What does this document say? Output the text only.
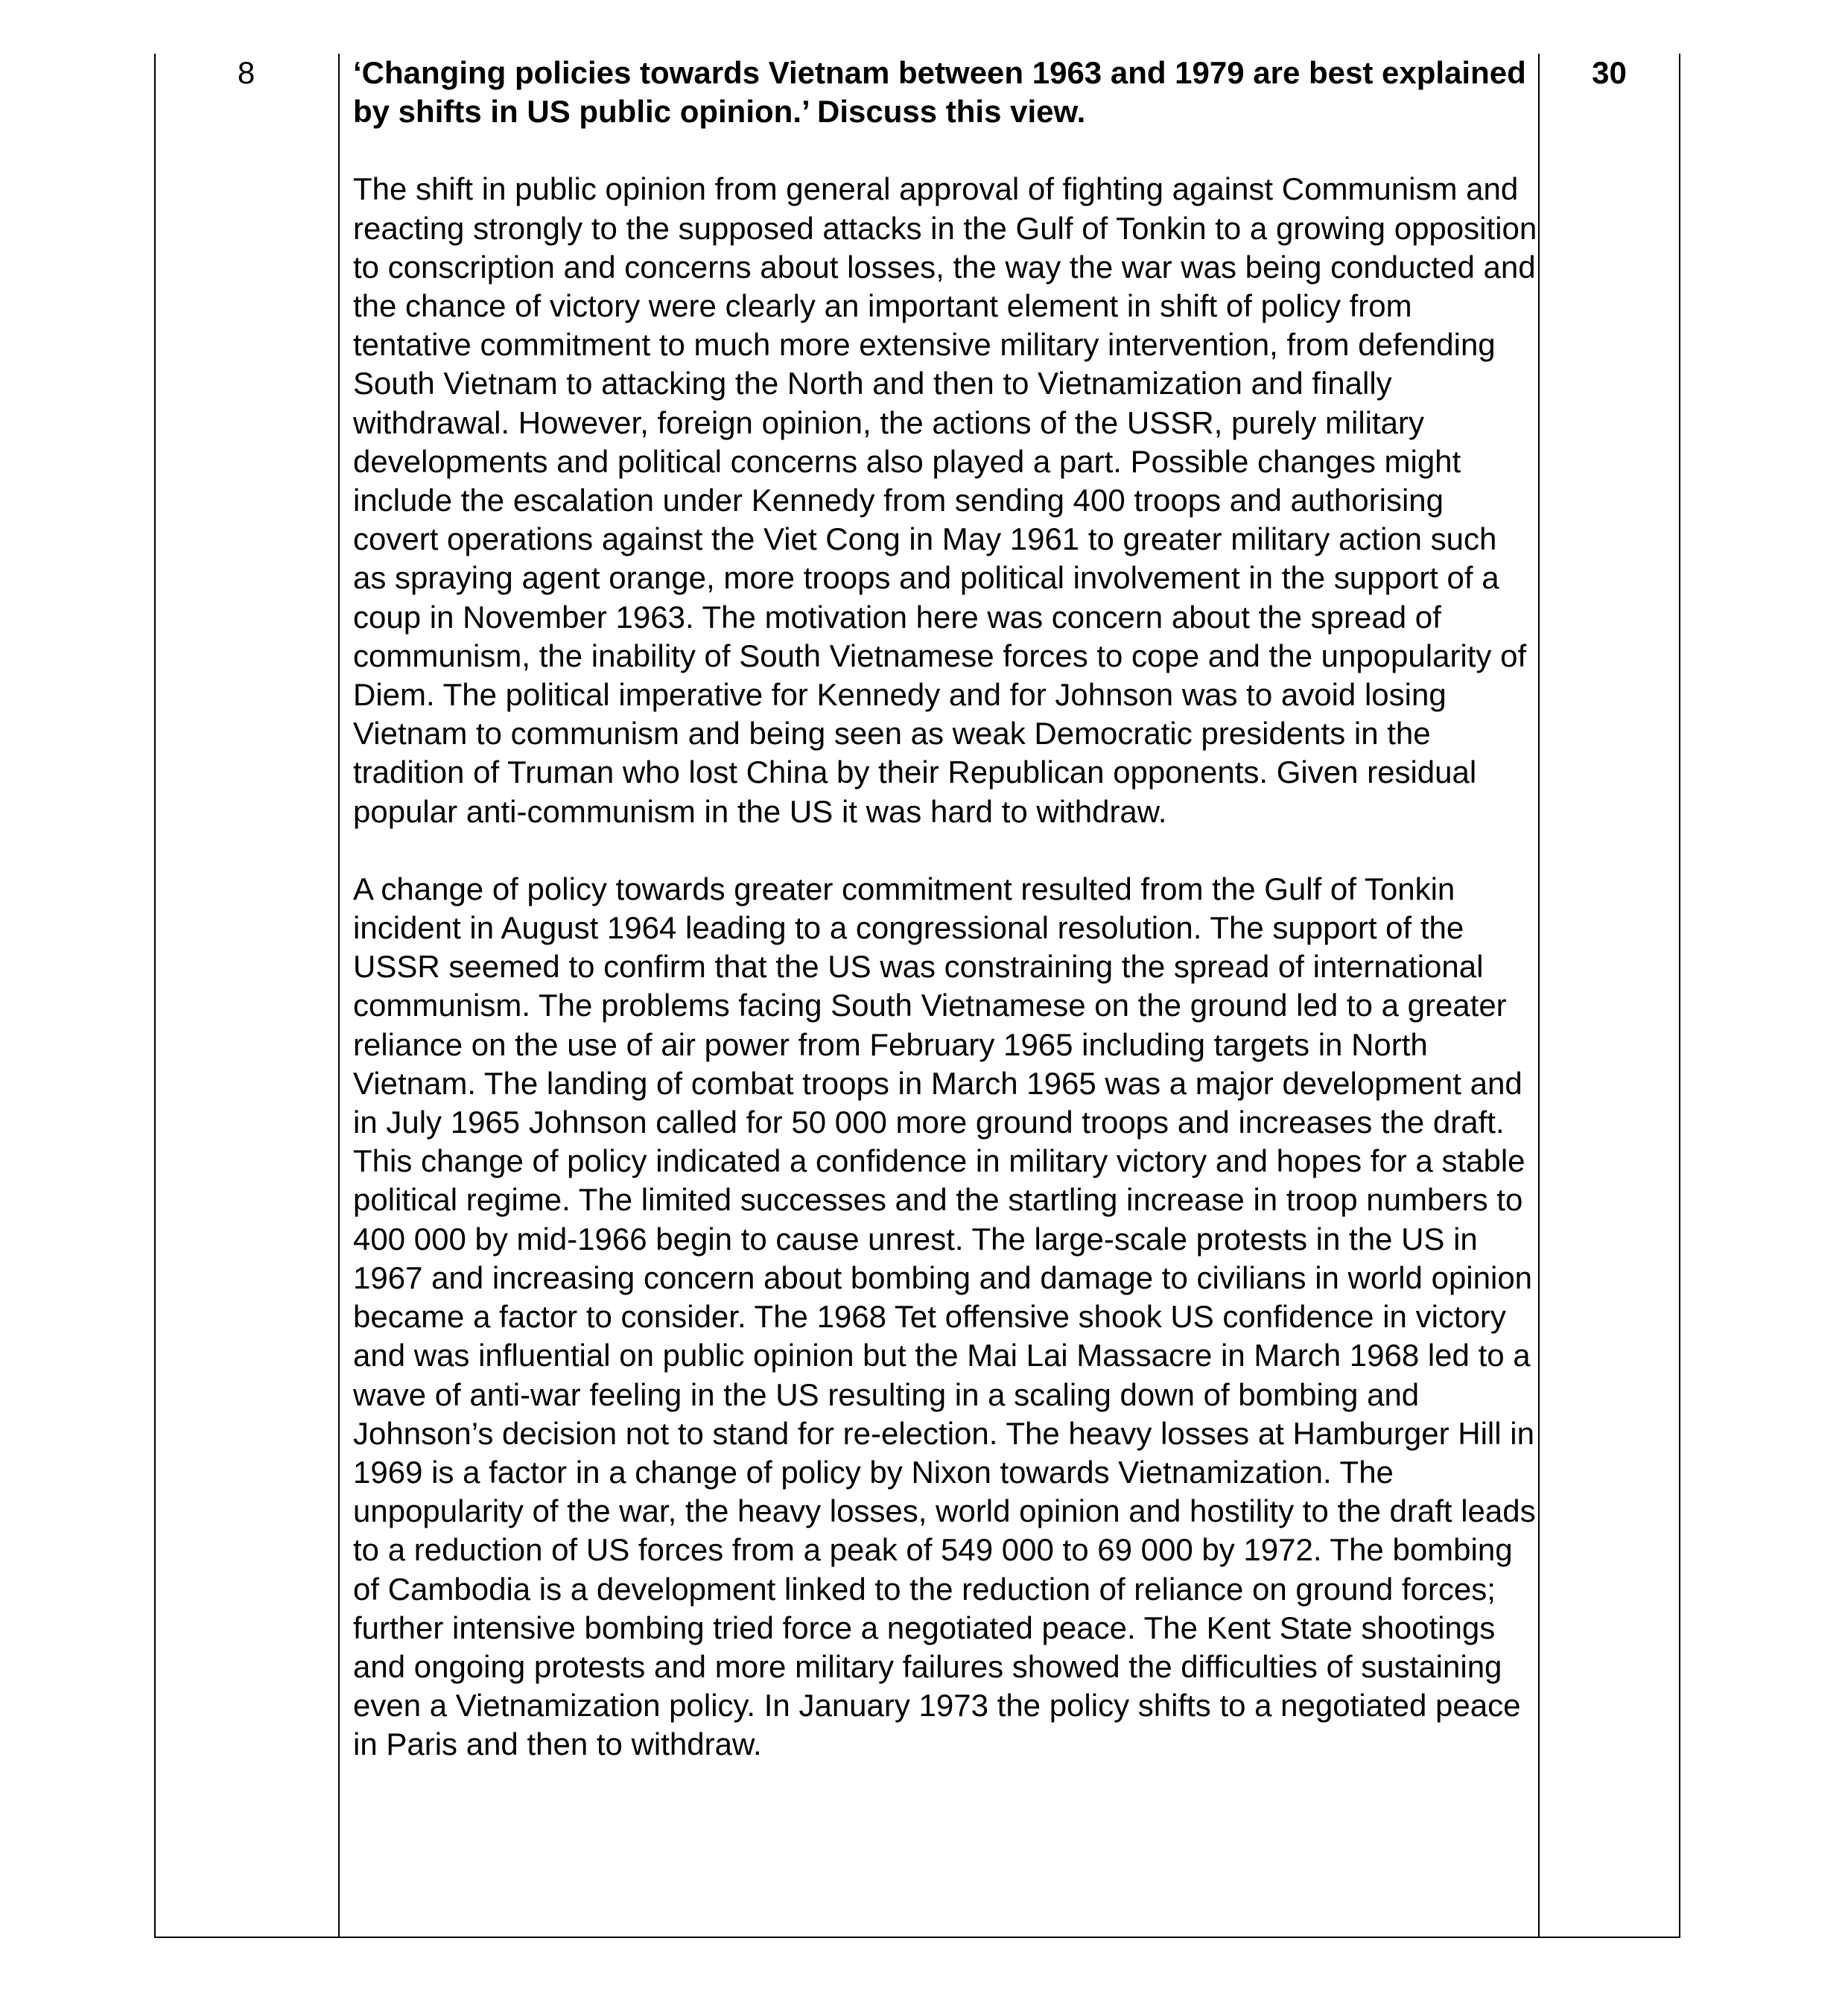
8	‘Changing policies towards Vietnam between 1963 and 1979 are best explained by shifts in US public opinion.’ Discuss this view.

The shift in public opinion from general approval of fighting against Communism and reacting strongly to the supposed attacks in the Gulf of Tonkin to a growing opposition to conscription and concerns about losses, the way the war was being conducted and the chance of victory were clearly an important element in shift of policy from tentative commitment to much more extensive military intervention, from defending South Vietnam to attacking the North and then to Vietnamization and finally withdrawal. However, foreign opinion, the actions of the USSR, purely military developments and political concerns also played a part. Possible changes might include the escalation under Kennedy from sending 400 troops and authorising covert operations against the Viet Cong in May 1961 to greater military action such as spraying agent orange, more troops and political involvement in the support of a coup in November 1963. The motivation here was concern about the spread of communism, the inability of South Vietnamese forces to cope and the unpopularity of Diem. The political imperative for Kennedy and for Johnson was to avoid losing Vietnam to communism and being seen as weak Democratic presidents in the tradition of Truman who lost China by their Republican opponents. Given residual popular anti-communism in the US it was hard to withdraw.

A change of policy towards greater commitment resulted from the Gulf of Tonkin incident in August 1964 leading to a congressional resolution. The support of the USSR seemed to confirm that the US was constraining the spread of international communism. The problems facing South Vietnamese on the ground led to a greater reliance on the use of air power from February 1965 including targets in North Vietnam. The landing of combat troops in March 1965 was a major development and in July 1965 Johnson called for 50 000 more ground troops and increases the draft. This change of policy indicated a confidence in military victory and hopes for a stable political regime. The limited successes and the startling increase in troop numbers to 400 000 by mid-1966 begin to cause unrest. The large-scale protests in the US in 1967 and increasing concern about bombing and damage to civilians in world opinion became a factor to consider. The 1968 Tet offensive shook US confidence in victory and was influential on public opinion but the Mai Lai Massacre in March 1968 led to a wave of anti-war feeling in the US resulting in a scaling down of bombing and Johnson’s decision not to stand for re-election. The heavy losses at Hamburger Hill in 1969 is a factor in a change of policy by Nixon towards Vietnamization. The unpopularity of the war, the heavy losses, world opinion and hostility to the draft leads to a reduction of US forces from a peak of 549 000 to 69 000 by 1972. The bombing of Cambodia is a development linked to the reduction of reliance on ground forces; further intensive bombing tried force a negotiated peace. The Kent State shootings and ongoing protests and more military failures showed the difficulties of sustaining even a Vietnamization policy. In January 1973 the policy shifts to a negotiated peace in Paris and then to withdraw.

30
